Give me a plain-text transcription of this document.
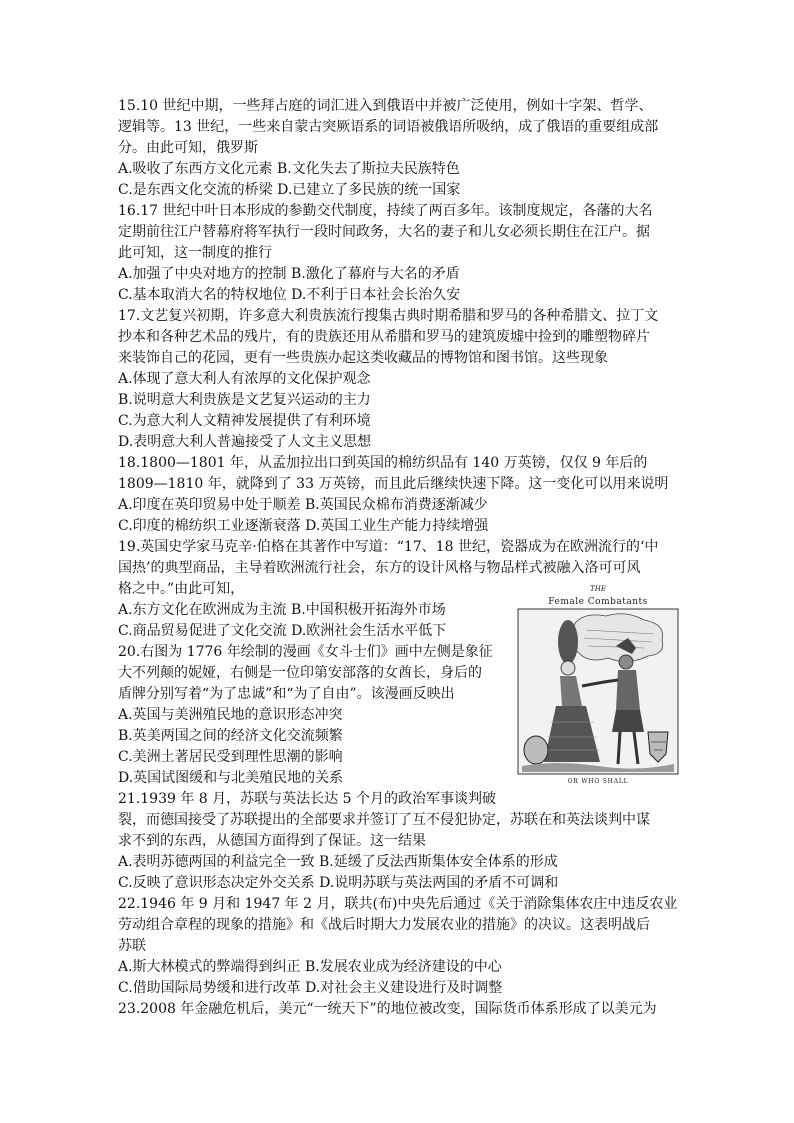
15.10 世纪中期，一些拜占庭的词汇进入到俄语中并被广泛使用，例如十字架、哲学、
逻辑等。13 世纪，一些来自蒙古突厥语系的词语被俄语所吸纳，成了俄语的重要组成部
分。由此可知，俄罗斯
A.吸收了东西方文化元素 B.文化失去了斯拉夫民族特色
C.是东西文化交流的桥梁 D.已建立了多民族的统一国家
16.17 世纪中叶日本形成的参勤交代制度，持续了两百多年。该制度规定，各藩的大名
定期前往江户替幕府将军执行一段时间政务，大名的妻子和儿女必须长期住在江户。据
此可知，这一制度的推行
A.加强了中央对地方的控制 B.激化了幕府与大名的矛盾
C.基本取消大名的特权地位 D.不利于日本社会长治久安
17.文艺复兴初期，许多意大利贵族流行搜集古典时期希腊和罗马的各种希腊文、拉丁文
抄本和各种艺术品的残片，有的贵族还用从希腊和罗马的建筑废墟中捡到的雕塑物碎片
来装饰自己的花园，更有一些贵族办起这类收藏品的博物馆和图书馆。这些现象
A.体现了意大利人有浓厚的文化保护观念
B.说明意大利贵族是文艺复兴运动的主力
C.为意大利人文精神发展提供了有利环境
D.表明意大利人普遍接受了人文主义思想
18.1800—1801 年，从孟加拉出口到英国的棉纺织品有 140 万英镑，仅仅 9 年后的
1809—1810 年，就降到了 33 万英镑，而且此后继续快速下降。这一变化可以用来说明
A.印度在英印贸易中处于顺差 B.英国民众棉布消费逐渐减少
C.印度的棉纺织工业逐渐衰落 D.英国工业生产能力持续增强
19.英国史学家马克辛·伯格在其著作中写道：“17、18 世纪，瓷器成为在欧洲流行的‘中
国热’的典型商品，主导着欧洲流行社会，东方的设计风格与物品样式被融入洛可可风
格之中。”由此可知，
A.东方文化在欧洲成为主流 B.中国积极开拓海外市场
C.商品贸易促进了文化交流 D.欧洲社会生活水平低下
20.右图为 1776 年绘制的漫画《女斗士们》画中左侧是象征
大不列颠的妮娅，右侧是一位印第安部落的女酋长，身后的
盾牌分别写着“为了忠诚”和“为了自由”。该漫画反映出
A.英国与美洲殖民地的意识形态冲突
B.英美两国之间的经济文化交流频繁
C.美洲土著居民受到理性思潮的影响
D.英国试图缓和与北美殖民地的关系
21.1939 年 8 月，苏联与英法长达 5 个月的政治军事谈判破
裂，而德国接受了苏联提出的全部要求并签订了互不侵犯协定，苏联在和英法谈判中谋
求不到的东西，从德国方面得到了保证。这一结果
A.表明苏德两国的利益完全一致 B.延缓了反法西斯集体安全体系的形成
C.反映了意识形态决定外交关系 D.说明苏联与英法两国的矛盾不可调和
22.1946 年 9 月和 1947 年 2 月，联共(布)中央先后通过《关于消除集体农庄中违反农业
劳动组合章程的现象的措施》和《战后时期大力发展农业的措施》的决议。这表明战后
苏联
A.斯大林模式的弊端得到纠正 B.发展农业成为经济建设的中心
C.借助国际局势缓和进行改革 D.对社会主义建设进行及时调整
23.2008 年金融危机后，美元“一统天下”的地位被改变，国际货币体系形成了以美元为
THE
Female Combatants
OR WHO SHALL
